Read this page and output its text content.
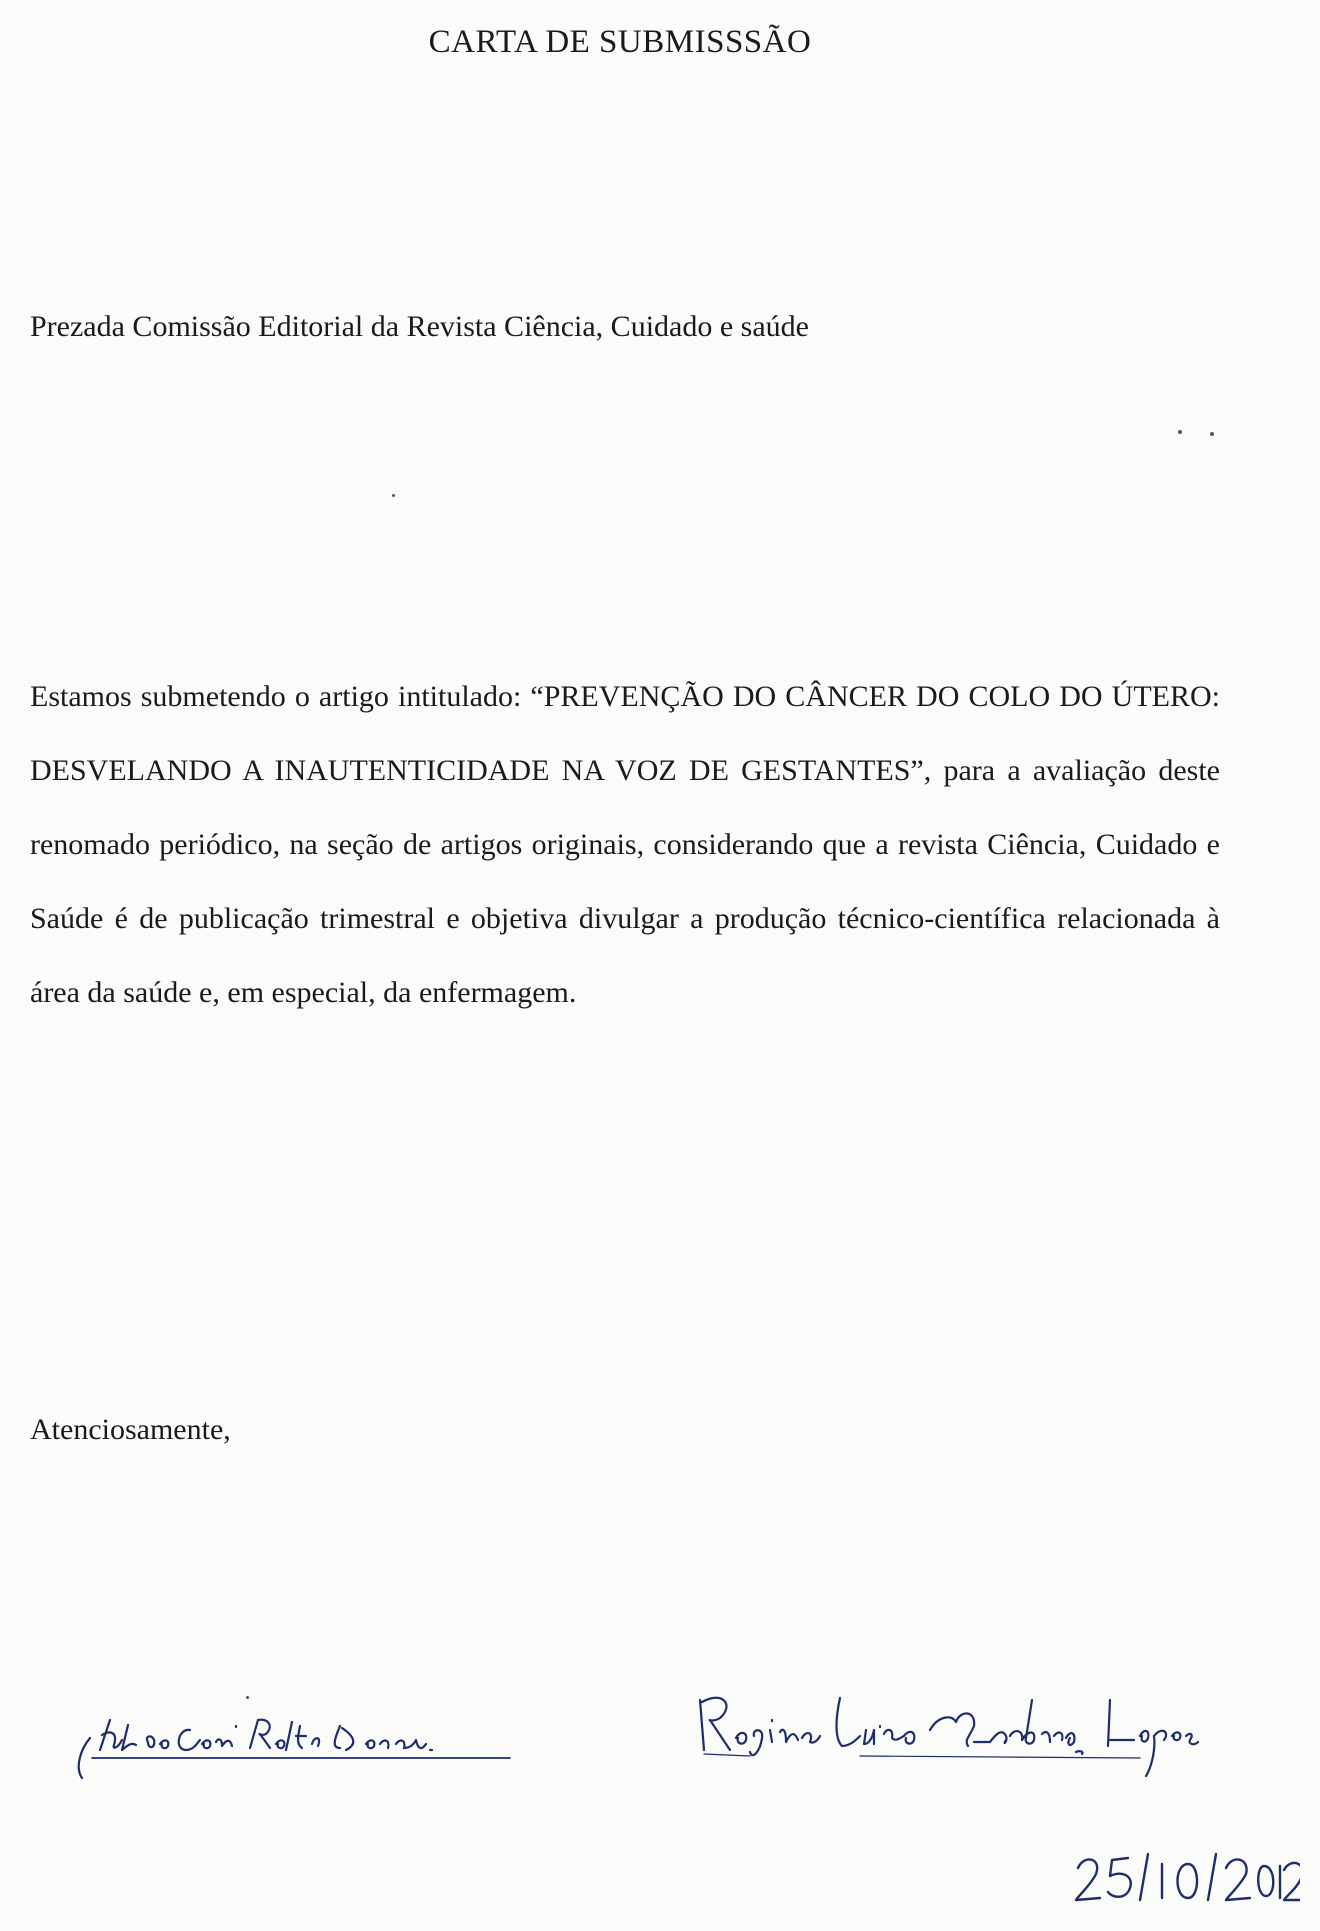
CARTA DE SUBMISSSÃO
Prezada Comissão Editorial da Revista Ciência, Cuidado e saúde
Estamos submetendo o artigo intitulado: “PREVENÇÃO DO CÂNCER DO COLO DO ÚTERO: DESVELANDO A INAUTENTICIDADE NA VOZ DE GESTANTES”, para a avaliação deste renomado periódico, na seção de artigos originais, considerando que a revista Ciência, Cuidado e Saúde é de publicação trimestral e objetiva divulgar a produção técnico-científica relacionada à área da saúde e, em especial, da enfermagem.
Atenciosamente,
